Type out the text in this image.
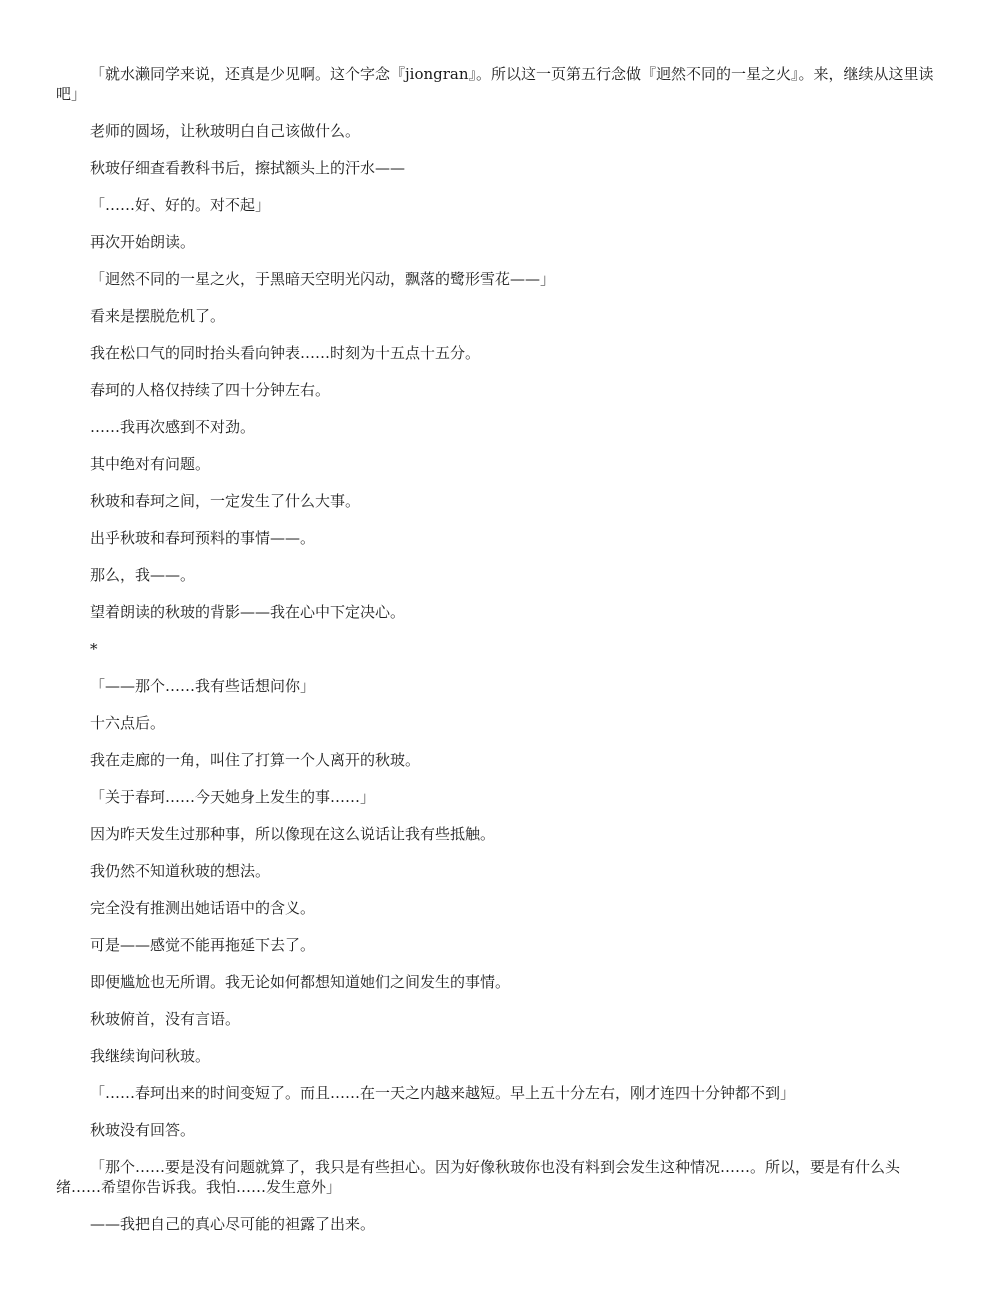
「就水濑同学来说，还真是少见啊。这个字念『jiongran』。所以这一页第五行念做『迥然不同的一星之火』。来，继续从这里读吧」

老师的圆场，让秋玻明白自己该做什么。

秋玻仔细查看教科书后，擦拭额头上的汗水——

「……好、好的。对不起」

再次开始朗读。

「迥然不同的一星之火，于黑暗天空明光闪动，飘落的鹭形雪花——」

看来是摆脱危机了。

我在松口气的同时抬头看向钟表……时刻为十五点十五分。

春珂的人格仅持续了四十分钟左右。

……我再次感到不对劲。

其中绝对有问题。

秋玻和春珂之间，一定发生了什么大事。

出乎秋玻和春珂预料的事情——。

那么，我——。

望着朗读的秋玻的背影——我在心中下定决心。

*

「——那个……我有些话想问你」

十六点后。

我在走廊的一角，叫住了打算一个人离开的秋玻。

「关于春珂……今天她身上发生的事……」

因为昨天发生过那种事，所以像现在这么说话让我有些抵触。

我仍然不知道秋玻的想法。

完全没有推测出她话语中的含义。

可是——感觉不能再拖延下去了。

即便尴尬也无所谓。我无论如何都想知道她们之间发生的事情。

秋玻俯首，没有言语。

我继续询问秋玻。

「……春珂出来的时间变短了。而且……在一天之内越来越短。早上五十分左右，刚才连四十分钟都不到」

秋玻没有回答。

「那个……要是没有问题就算了，我只是有些担心。因为好像秋玻你也没有料到会发生这种情况……。所以，要是有什么头绪……希望你告诉我。我怕……发生意外」

——我把自己的真心尽可能的袒露了出来。
